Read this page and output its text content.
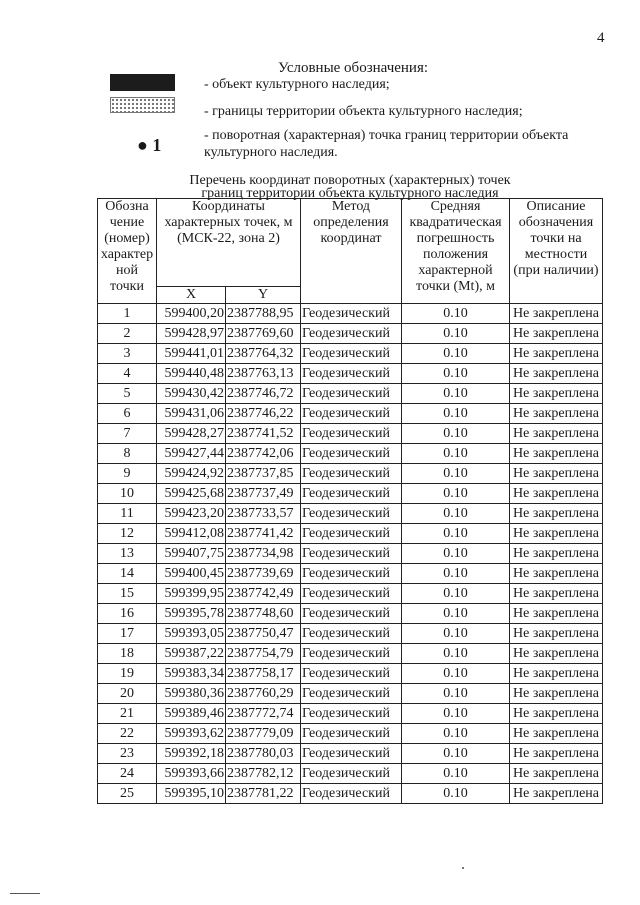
4
Условные обозначения:
- объект культурного наследия;
- границы территории объекта культурного наследия;
● 1	- поворотная (характерная) точка границ территории объекта культурного наследия.
Перечень координат поворотных (характерных) точек
границ территории объекта культурного наследия
Обозна чение (номер) характер ной точки	Координаты характерных точек, м (МСК-22, зона 2)		Метод определения координат	Средняя квадратическая погрешность положения характерной точки (Mt), м	Описание обозначения точки на местности (при наличии)
	X	Y			
1	599400,20	2387788,95	Геодезический	0.10	Не закреплена
2	599428,97	2387769,60	Геодезический	0.10	Не закреплена
3	599441,01	2387764,32	Геодезический	0.10	Не закреплена
4	599440,48	2387763,13	Геодезический	0.10	Не закреплена
5	599430,42	2387746,72	Геодезический	0.10	Не закреплена
6	599431,06	2387746,22	Геодезический	0.10	Не закреплена
7	599428,27	2387741,52	Геодезический	0.10	Не закреплена
8	599427,44	2387742,06	Геодезический	0.10	Не закреплена
9	599424,92	2387737,85	Геодезический	0.10	Не закреплена
10	599425,68	2387737,49	Геодезический	0.10	Не закреплена
11	599423,20	2387733,57	Геодезический	0.10	Не закреплена
12	599412,08	2387741,42	Геодезический	0.10	Не закреплена
13	599407,75	2387734,98	Геодезический	0.10	Не закреплена
14	599400,45	2387739,69	Геодезический	0.10	Не закреплена
15	599399,95	2387742,49	Геодезический	0.10	Не закреплена
16	599395,78	2387748,60	Геодезический	0.10	Не закреплена
17	599393,05	2387750,47	Геодезический	0.10	Не закреплена
18	599387,22	2387754,79	Геодезический	0.10	Не закреплена
19	599383,34	2387758,17	Геодезический	0.10	Не закреплена
20	599380,36	2387760,29	Геодезический	0.10	Не закреплена
21	599389,46	2387772,74	Геодезический	0.10	Не закреплена
22	599393,62	2387779,09	Геодезический	0.10	Не закреплена
23	599392,18	2387780,03	Геодезический	0.10	Не закреплена
24	599393,66	2387782,12	Геодезический	0.10	Не закреплена
25	599395,10	2387781,22	Геодезический	0.10	Не закреплена
